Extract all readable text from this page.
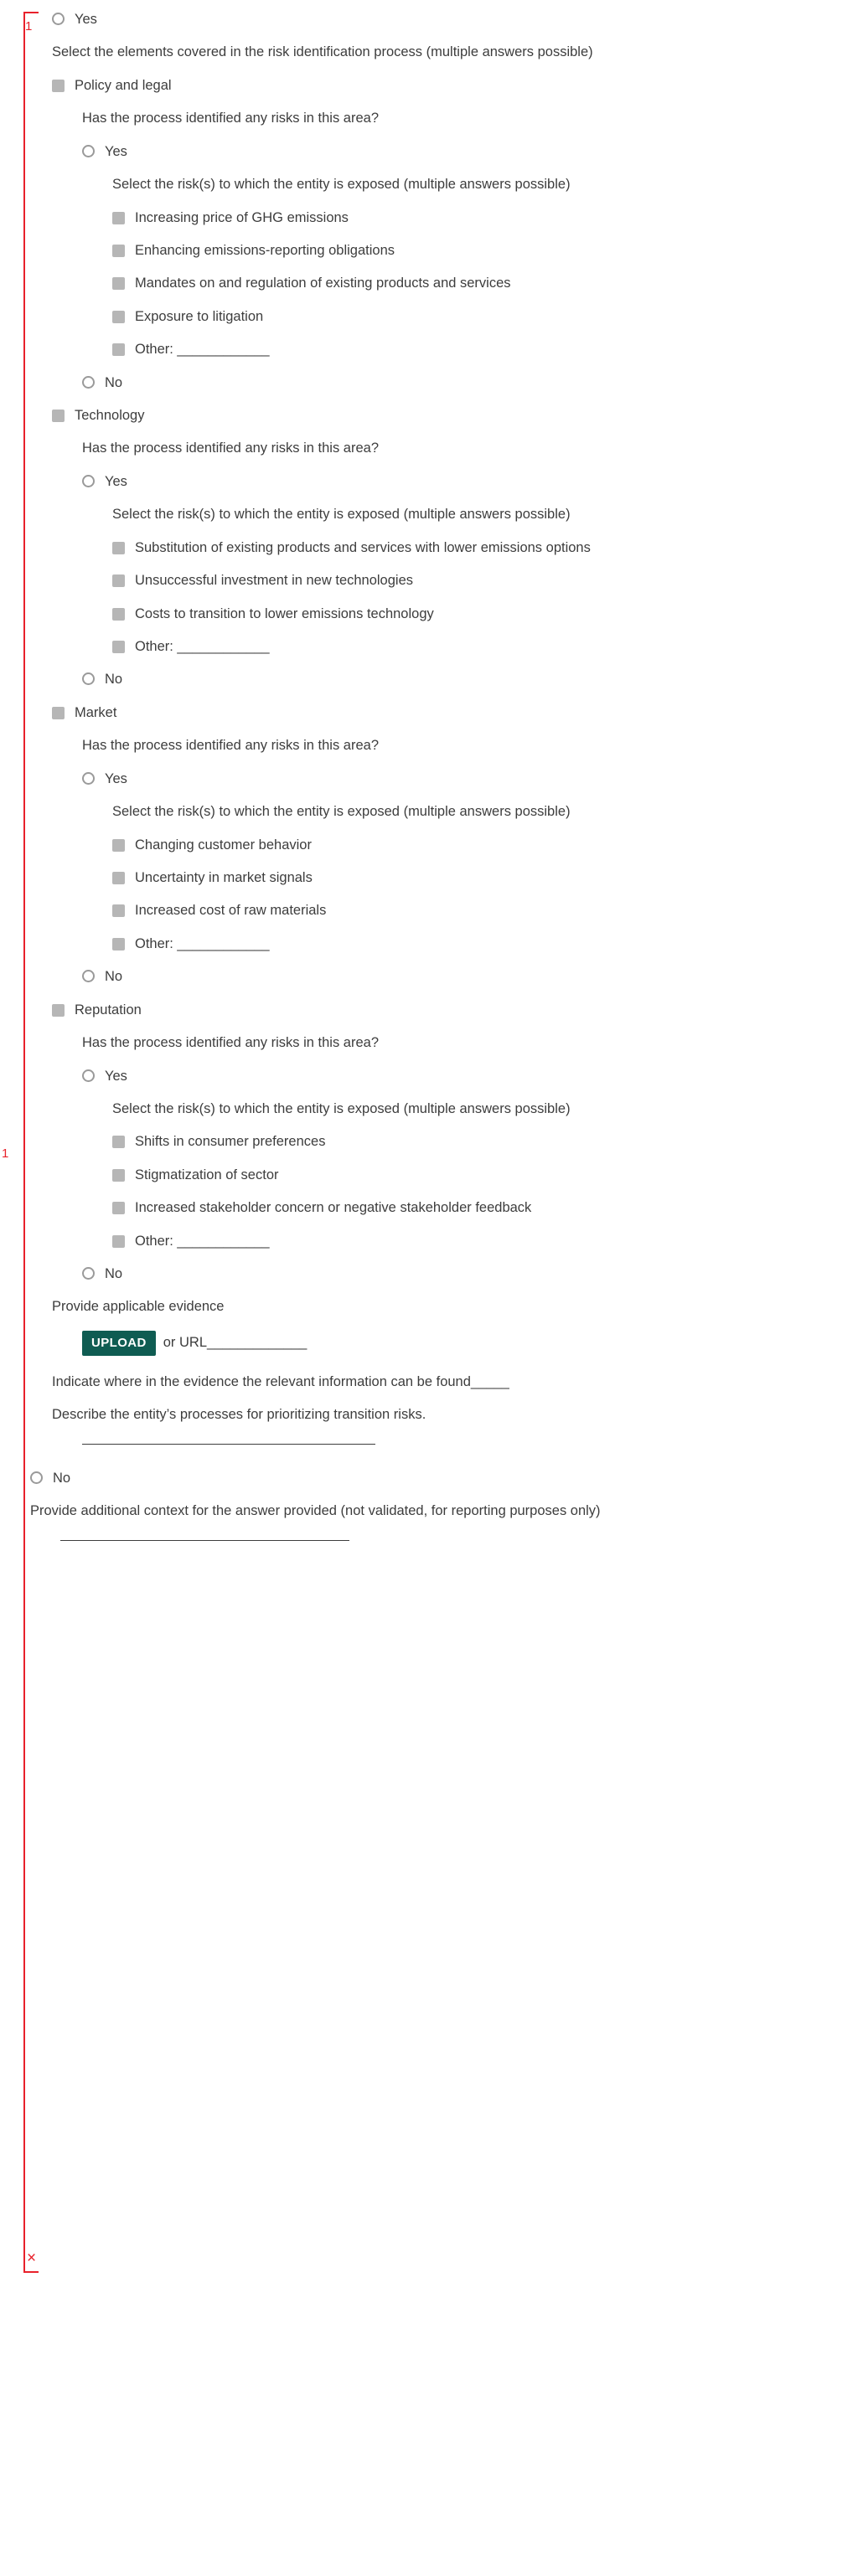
1
1
×
Yes
Select the elements covered in the risk identification process (multiple answers possible)
Policy and legal
Has the process identified any risks in this area?
Yes
Select the risk(s) to which the entity is exposed (multiple answers possible)
Increasing price of GHG emissions
Enhancing emissions-reporting obligations
Mandates on and regulation of existing products and services
Exposure to litigation
Other: ____________
No
Technology
Has the process identified any risks in this area?
Yes
Select the risk(s) to which the entity is exposed (multiple answers possible)
Substitution of existing products and services with lower emissions options
Unsuccessful investment in new technologies
Costs to transition to lower emissions technology
Other: ____________
No
Market
Has the process identified any risks in this area?
Yes
Select the risk(s) to which the entity is exposed (multiple answers possible)
Changing customer behavior
Uncertainty in market signals
Increased cost of raw materials
Other: ____________
No
Reputation
Has the process identified any risks in this area?
Yes
Select the risk(s) to which the entity is exposed (multiple answers possible)
Shifts in consumer preferences
Stigmatization of sector
Increased stakeholder concern or negative stakeholder feedback
Other: ____________
No
Provide applicable evidence
UPLOAD	or URL_____________
Indicate where in the evidence the relevant information can be found_____
Describe the entity’s processes for prioritizing transition risks.
No
Provide additional context for the answer provided (not validated, for reporting purposes only)
